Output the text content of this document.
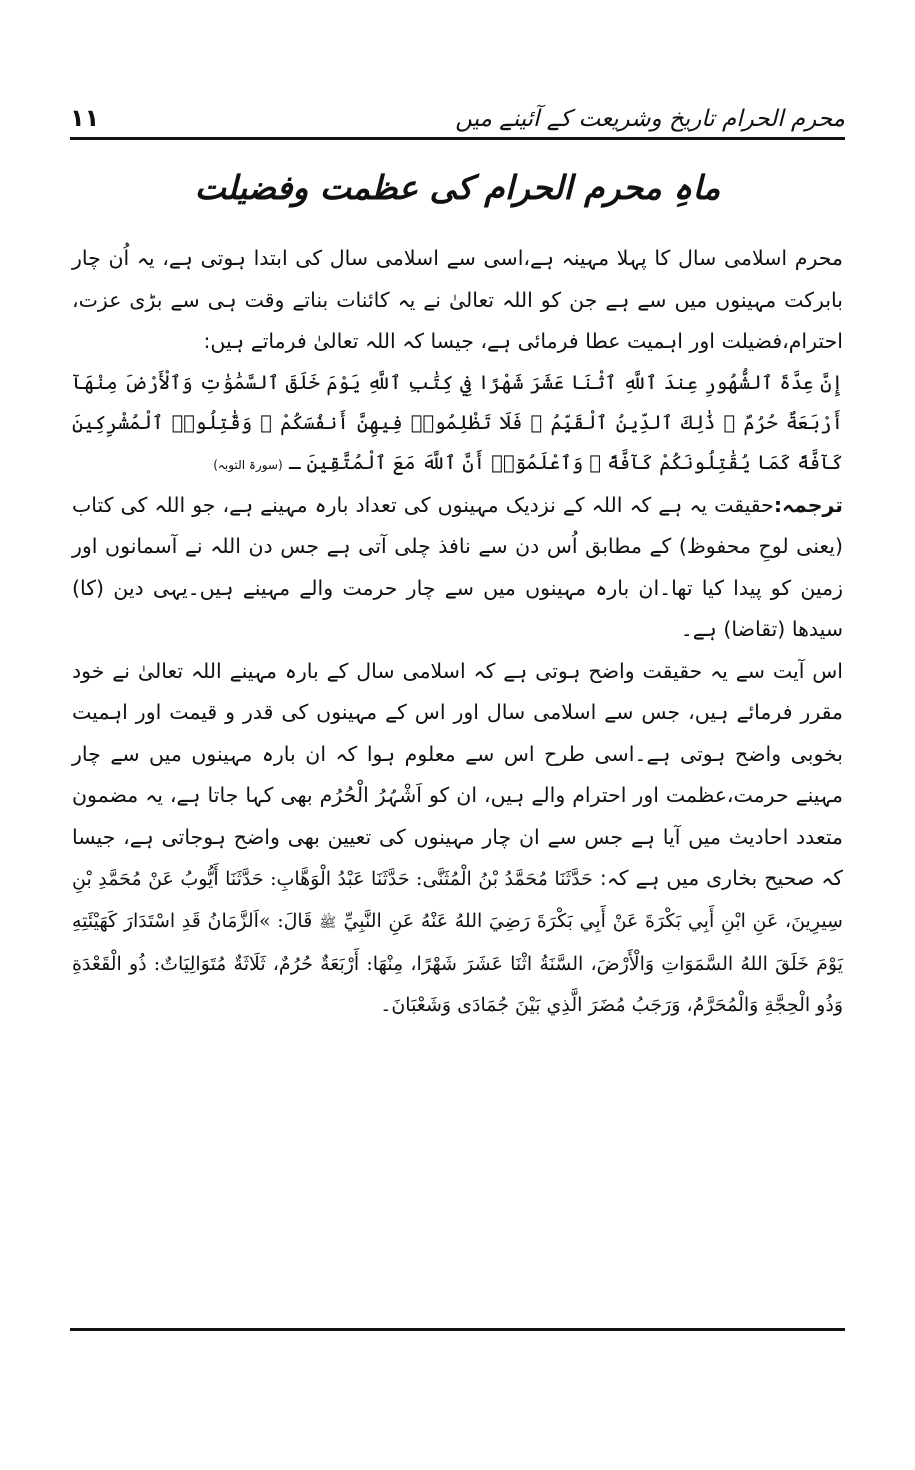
محرم الحرام تاریخ وشریعت کے آئینے میں
۱۱
ماہِ محرم الحرام کی عظمت وفضیلت

محرم اسلامی سال کا پہلا مہینہ ہے،اسی سے اسلامی سال کی ابتدا ہوتی ہے، یہ اُن چار بابرکت مہینوں میں سے ہے جن کو اللہ تعالیٰ نے یہ کائنات بناتے وقت ہی سے بڑی عزت، احترام،فضیلت اور اہمیت عطا فرمائی ہے، جیسا کہ اللہ تعالیٰ فرماتے ہیں:

إِنَّ عِدَّةَ ٱلشُّهُورِ عِندَ ٱللَّهِ ٱثْنَا عَشَرَ شَهْرًا فِي كِتَٰبِ ٱللَّهِ يَوْمَ خَلَقَ ٱلسَّمَٰوَٰتِ وَٱلْأَرْضَ مِنْهَآ أَرْبَعَةٌ حُرُمٌ ۚ ذَٰلِكَ ٱلدِّينُ ٱلْقَيِّمُ ۚ فَلَا تَظْلِمُوا۟ فِيهِنَّ أَنفُسَكُمْ ۚ وَقَٰتِلُوا۟ ٱلْمُشْرِكِينَ كَآفَّةً كَمَا يُقَٰتِلُونَكُمْ كَآفَّةً ۚ وَٱعْلَمُوٓا۟ أَنَّ ٱللَّهَ مَعَ ٱلْمُتَّقِينَ ـ (سورۃ التوبہ)

ترجمہ:حقیقت یہ ہے کہ اللہ کے نزدیک مہینوں کی تعداد بارہ مہینے ہے، جو اللہ کی کتاب (یعنی لوحِ محفوظ) کے مطابق اُس دن سے نافذ چلی آتی ہے جس دن اللہ نے آسمانوں اور زمین کو پیدا کیا تھا۔ان بارہ مہینوں میں سے چار حرمت والے مہینے ہیں۔یہی دین (کا) سیدھا (تقاضا) ہے۔

اس آیت سے یہ حقیقت واضح ہوتی ہے کہ اسلامی سال کے بارہ مہینے اللہ تعالیٰ نے خود مقرر فرمائے ہیں، جس سے اسلامی سال اور اس کے مہینوں کی قدر و قیمت اور اہمیت بخوبی واضح ہوتی ہے۔اسی طرح اس سے معلوم ہوا کہ ان بارہ مہینوں میں سے چار مہینے حرمت،عظمت اور احترام والے ہیں، ان کو اَشْہُرُ الْحُرُم بھی کہا جاتا ہے، یہ مضمون متعدد احادیث میں آیا ہے جس سے ان چار مہینوں کی تعیین بھی واضح ہوجاتی ہے، جیسا کہ صحیح بخاری میں ہے کہ: حَدَّثَنَا مُحَمَّدُ بْنُ الْمُثَنَّى: حَدَّثَنَا عَبْدُ الْوَهَّابِ: حَدَّثَنَا أَيُّوبُ عَنْ مُحَمَّدِ بْنِ سِيرِينَ، عَنِ ابْنِ أَبِي بَكْرَةَ عَنْ أَبِي بَكْرَةَ رَضِيَ اللهُ عَنْهُ عَنِ النَّبِيِّ ﷺ قَالَ: »اَلزَّمَانُ قَدِ اسْتَدَارَ كَهَيْئَتِهِ يَوْمَ خَلَقَ اللهُ السَّمَوَاتِ وَالْأَرْضَ، السَّنَةُ اثْنَا عَشَرَ شَهْرًا، مِنْهَا: أَرْبَعَةٌ حُرُمٌ، ثَلَاثَةٌ مُتَوَالِيَاتٌ: ذُو الْقَعْدَةِ وَذُو الْحِجَّةِ وَالْمُحَرَّمُ، وَرَجَبُ مُضَرَ الَّذِي بَيْنَ جُمَادَى وَشَعْبَانَ۔
